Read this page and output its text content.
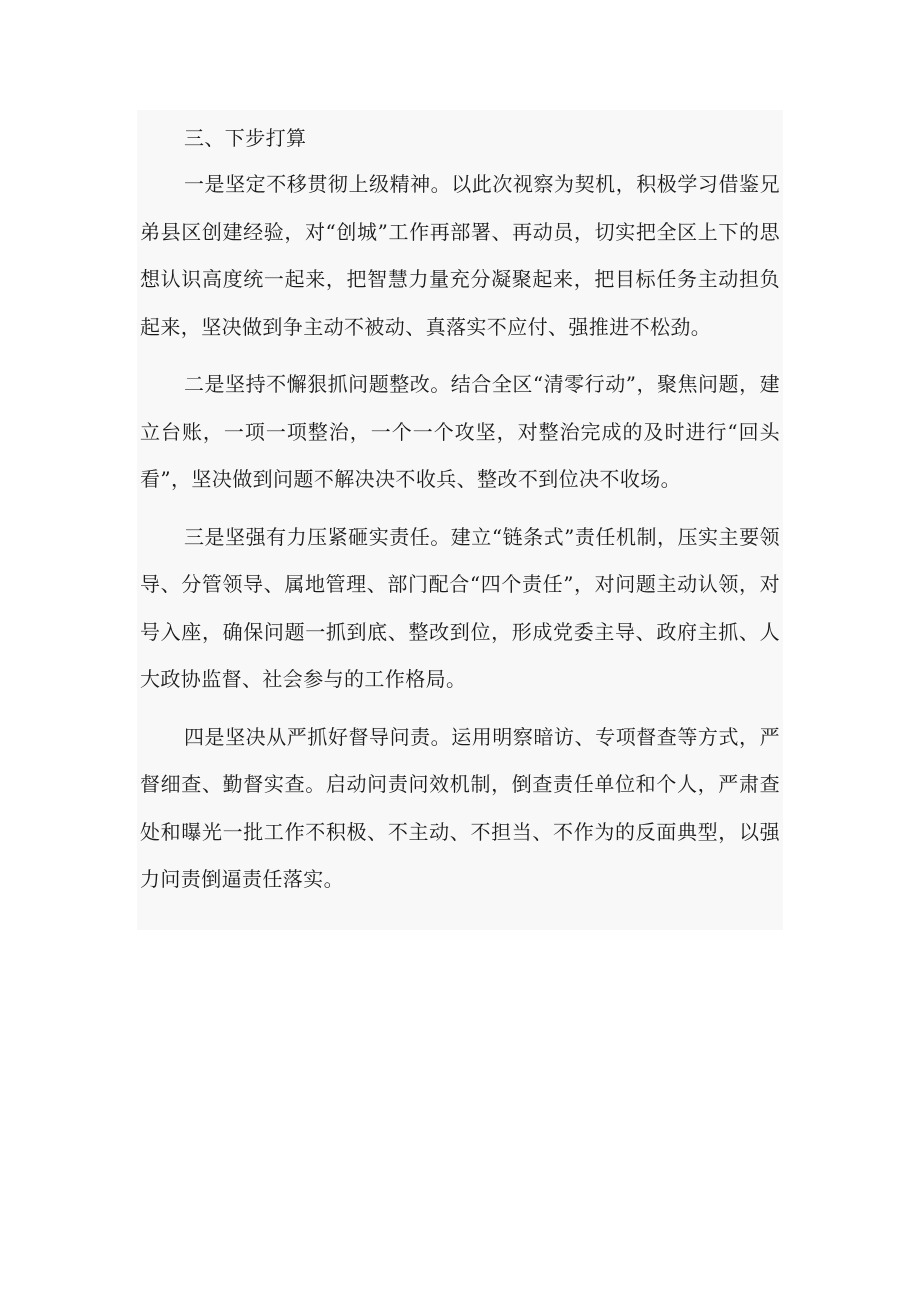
三、下步打算

一是坚定不移贯彻上级精神。以此次视察为契机，积极学习借鉴兄弟县区创建经验，对“创城”工作再部署、再动员，切实把全区上下的思想认识高度统一起来，把智慧力量充分凝聚起来，把目标任务主动担负起来，坚决做到争主动不被动、真落实不应付、强推进不松劲。

二是坚持不懈狠抓问题整改。结合全区“清零行动”，聚焦问题，建立台账，一项一项整治，一个一个攻坚，对整治完成的及时进行“回头看”，坚决做到问题不解决决不收兵、整改不到位决不收场。

三是坚强有力压紧砸实责任。建立“链条式”责任机制，压实主要领导、分管领导、属地管理、部门配合“四个责任”，对问题主动认领，对号入座，确保问题一抓到底、整改到位，形成党委主导、政府主抓、人大政协监督、社会参与的工作格局。

四是坚决从严抓好督导问责。运用明察暗访、专项督查等方式，严督细查、勤督实查。启动问责问效机制，倒查责任单位和个人，严肃查处和曝光一批工作不积极、不主动、不担当、不作为的反面典型，以强力问责倒逼责任落实。
